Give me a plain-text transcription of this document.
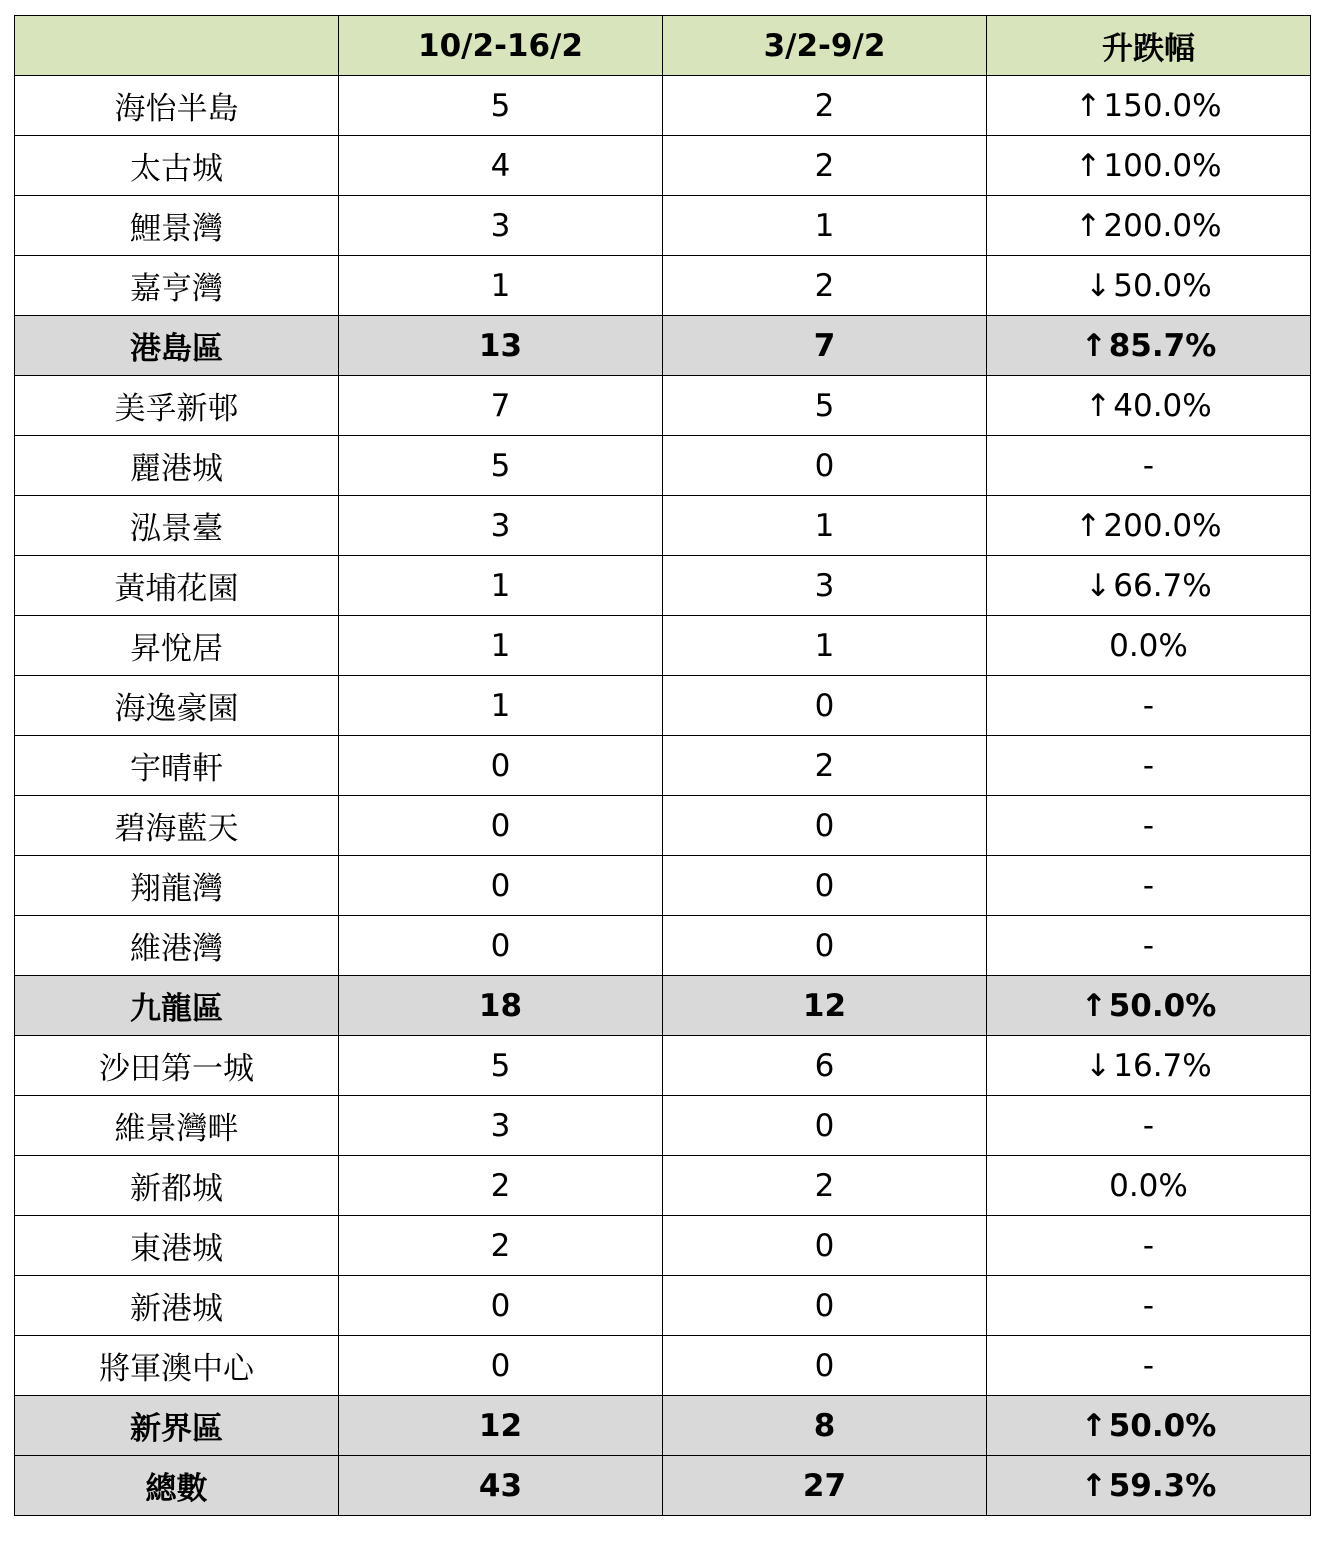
	10/2-16/2	3/2-9/2	升跌幅
海怡半島	5	2	↑150.0%
太古城	4	2	↑100.0%
鯉景灣	3	1	↑200.0%
嘉亨灣	1	2	↓50.0%
港島區	13	7	↑85.7%
美孚新邨	7	5	↑40.0%
麗港城	5	0	-
泓景臺	3	1	↑200.0%
黃埔花園	1	3	↓66.7%
昇悅居	1	1	0.0%
海逸豪園	1	0	-
宇晴軒	0	2	-
碧海藍天	0	0	-
翔龍灣	0	0	-
維港灣	0	0	-
九龍區	18	12	↑50.0%
沙田第一城	5	6	↓16.7%
維景灣畔	3	0	-
新都城	2	2	0.0%
東港城	2	0	-
新港城	0	0	-
將軍澳中心	0	0	-
新界區	12	8	↑50.0%
總數	43	27	↑59.3%
